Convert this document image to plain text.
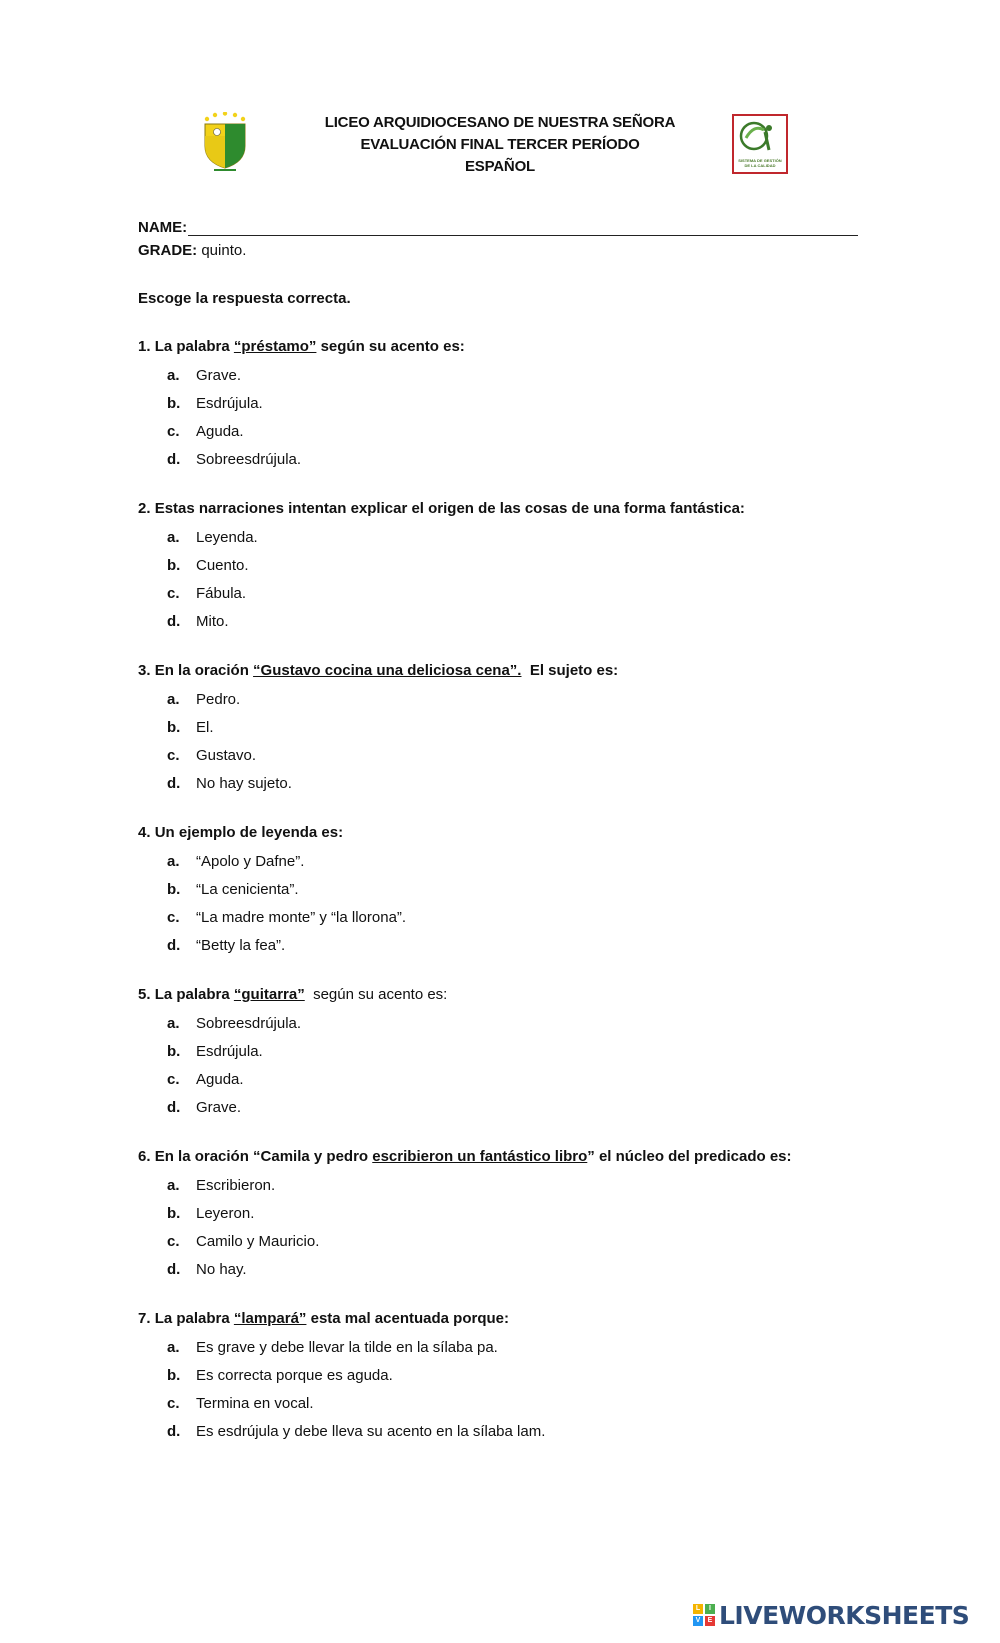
LICEO ARQUIDIOCESANO DE NUESTRA SEÑORA
EVALUACIÓN FINAL TERCER PERÍODO
ESPAÑOL	SISTEMA DE GESTIÓN DE LA CALIDAD
NAME:
GRADE: quinto.
Escoge la respuesta correcta.
1. La palabra “préstamo” según su acento es:
a.	Grave.
b.	Esdrújula.
c.	Aguda.
d.	Sobreesdrújula.
2. Estas narraciones intentan explicar el origen de las cosas de una forma fantástica:
a.	Leyenda.
b.	Cuento.
c.	Fábula.
d.	Mito.
3. En la oración “Gustavo cocina una deliciosa cena”.  El sujeto es:
a.	Pedro.
b.	El.
c.	Gustavo.
d.	No hay sujeto.
4. Un ejemplo de leyenda es:
a.	“Apolo y Dafne”.
b.	“La cenicienta”.
c.	“La madre monte” y “la llorona”.
d.	“Betty la fea”.
5. La palabra “guitarra”  según su acento es:
a.	Sobreesdrújula.
b.	Esdrújula.
c.	Aguda.
d.	Grave.
6. En la oración “Camila y pedro escribieron un fantástico libro” el núcleo del predicado es:
a.	Escribieron.
b.	Leyeron.
c.	Camilo y Mauricio.
d.	No hay.
7. La palabra “lampará” esta mal acentuada porque:
a.	Es grave y debe llevar la tilde en la sílaba pa.
b.	Es correcta porque es aguda.
c.	Termina en vocal.
d.	Es esdrújula y debe lleva su acento en la sílaba lam.
L	I
V	E LIVEWORKSHEETS
